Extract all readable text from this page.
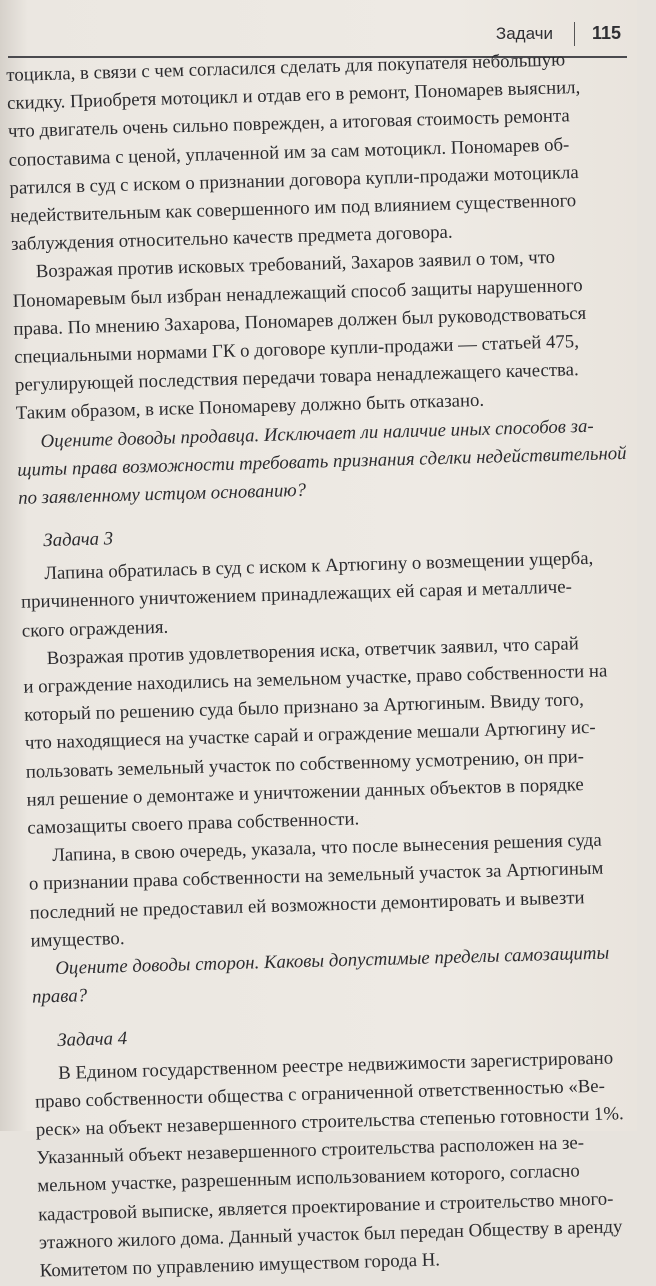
Задачи 115

тоцикла, в связи с чем согласился сделать для покупателя небольшую
скидку. Приобретя мотоцикл и отдав его в ремонт, Пономарев выяснил,
что двигатель очень сильно поврежден, а итоговая стоимость ремонта
сопоставима с ценой, уплаченной им за сам мотоцикл. Пономарев об-
ратился в суд с иском о признании договора купли-продажи мотоцикла
недействительным как совершенного им под влиянием существенного
заблуждения относительно качеств предмета договора.

Возражая против исковых требований, Захаров заявил о том, что
Пономаревым был избран ненадлежащий способ защиты нарушенного
права. По мнению Захарова, Пономарев должен был руководствоваться
специальными нормами ГК о договоре купли-продажи — статьей 475,
регулирующей последствия передачи товара ненадлежащего качества.
Таким образом, в иске Пономареву должно быть отказано.

Оцените доводы продавца. Исключает ли наличие иных способов за-
щиты права возможности требовать признания сделки недействительной
по заявленному истцом основанию?

Задача 3

Лапина обратилась в суд с иском к Артюгину о возмещении ущерба,
причиненного уничтожением принадлежащих ей сарая и металличе-
ского ограждения.

Возражая против удовлетворения иска, ответчик заявил, что сарай
и ограждение находились на земельном участке, право собственности на
который по решению суда было признано за Артюгиным. Ввиду того,
что находящиеся на участке сарай и ограждение мешали Артюгину ис-
пользовать земельный участок по собственному усмотрению, он при-
нял решение о демонтаже и уничтожении данных объектов в порядке
самозащиты своего права собственности.

Лапина, в свою очередь, указала, что после вынесения решения суда
о признании права собственности на земельный участок за Артюгиным
последний не предоставил ей возможности демонтировать и вывезти
имущество.

Оцените доводы сторон. Каковы допустимые пределы самозащиты
права?

Задача 4

В Едином государственном реестре недвижимости зарегистрировано
право собственности общества с ограниченной ответственностью «Ве-
реск» на объект незавершенного строительства степенью готовности 1%.
Указанный объект незавершенного строительства расположен на зе-
мельном участке, разрешенным использованием которого, согласно
кадастровой выписке, является проектирование и строительство много-
этажного жилого дома. Данный участок был передан Обществу в аренду
Комитетом по управлению имуществом города Н.
